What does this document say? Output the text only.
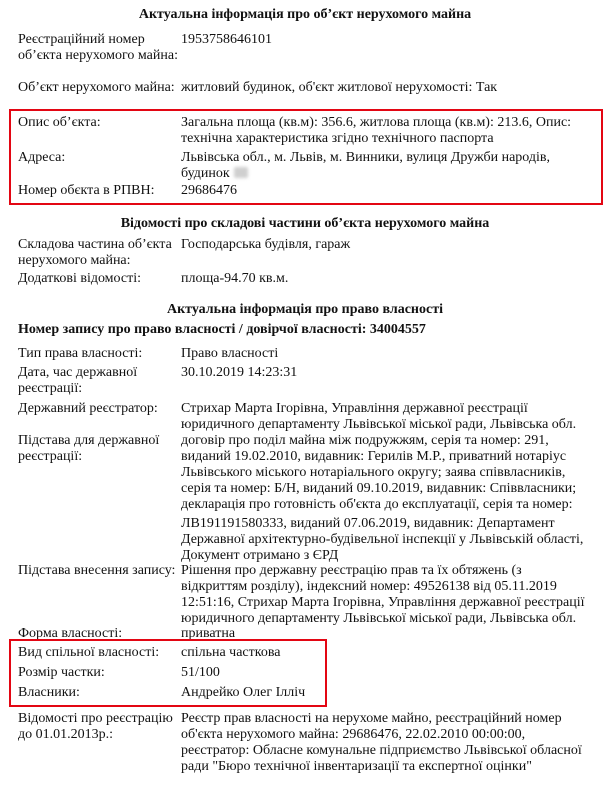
Актуальна інформація про об’єкт нерухомого майна
Реєстраційний номер об’єкта нерухомого майна:
1953758646101
Об’єкт нерухомого майна: житловий будинок, об'єкт житлової нерухомості: Так
Опис об’єкта:	Загальна площа (кв.м): 356.6, житлова площа (кв.м): 213.6, Опис: технічна характеристика згідно технічного паспорта
Адреса:	Львівська обл., м. Львів, м. Винники, вулиця Дружби народів, будинок
Номер обєкта в РПВН:	29686476
Відомості про складові частини об’єкта нерухомого майна
Складова частина об’єкта нерухомого майна:
Господарська будівля, гараж
Додаткові відомості:	площа-94.70 кв.м.
Актуальна інформація про право власності
Номер запису про право власності / довірчої власності: 34004557
Тип права власності:	Право власності
Дата, час державної реєстрації:
30.10.2019 14:23:31
Державний реєстратор:	Стрихар Марта Ігорівна, Управління державної реєстрації юридичного департаменту Львівської міської ради, Львівська обл.
Підстава для державної реєстрації:
договір про поділ майна між подружжям, серія та номер: 291, виданий 19.02.2010, видавник: Герилів М.Р., приватний нотаріус Львівського міського нотаріального округу; заява співвласників, серія та номер: Б/Н, виданий 09.10.2019, видавник: Співвласники; декларація про готовність об'єкта до експлуатації, серія та номер:
ЛВ191191580333, виданий 07.06.2019, видавник: Департамент Державної архітектурно-будівельної інспекції у Львівській області, Документ отримано з ЄРД
Підстава внесення запису: Рішення про державну реєстрацію прав та їх обтяжень (з відкриттям розділу), індексний номер: 49526138 від 05.11.2019 12:51:16, Стрихар Марта Ігорівна, Управління державної реєстрації юридичного департаменту Львівської міської ради, Львівська обл.
Форма власності:	приватна
Вид спільної власності:	спільна часткова
Розмір частки:	51/100
Власники:	Андрейко Олег Ілліч
Відомості про реєстрацію до 01.01.2013р.:
Реєстр прав власності на нерухоме майно, реєстраційний номер об'єкта нерухомого майна: 29686476, 22.02.2010 00:00:00, реєстратор: Обласне комунальне підприємство Львівської обласної ради "Бюро технічної інвентаризації та експертної оцінки"
